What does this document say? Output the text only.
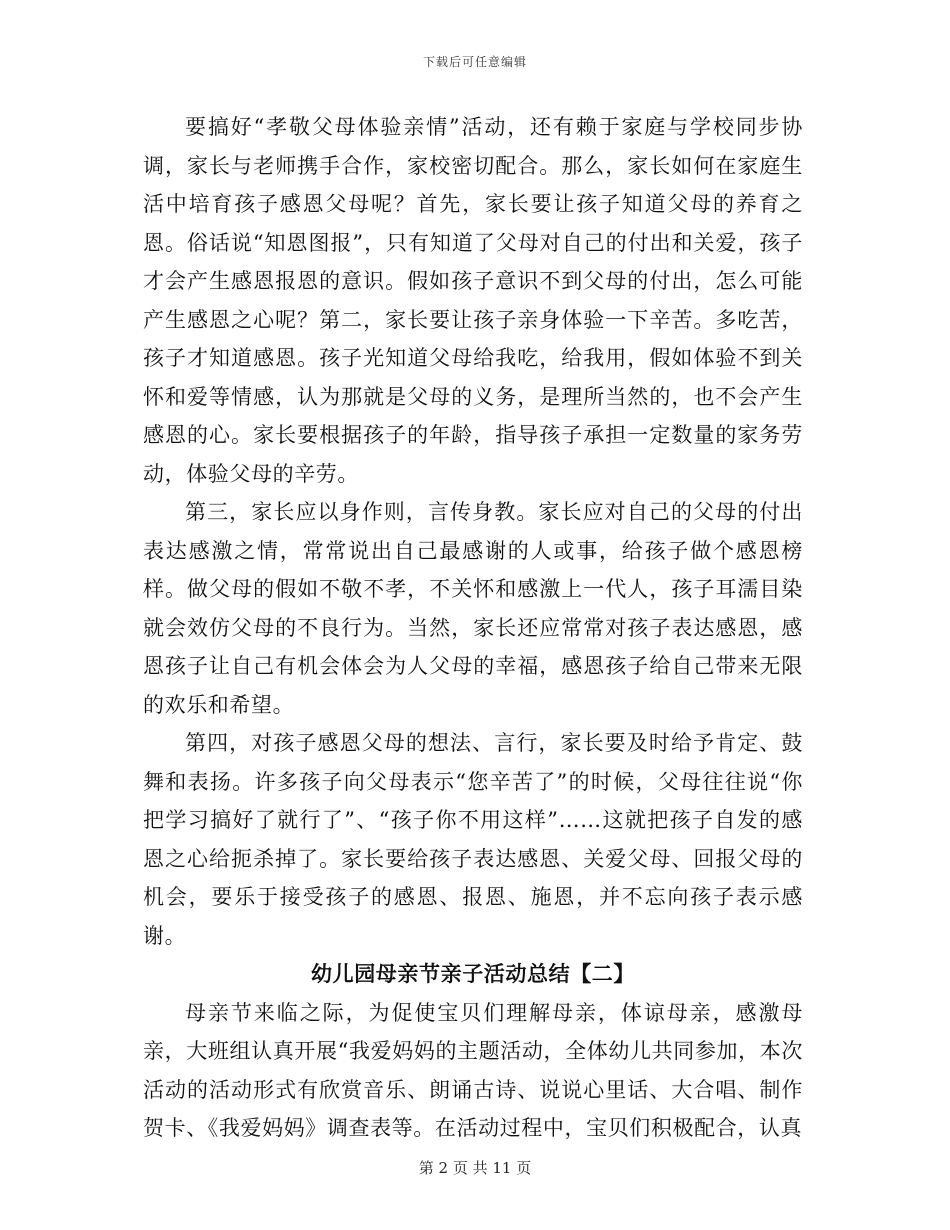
下载后可任意编辑

要搞好“孝敬父母体验亲情”活动，还有赖于家庭与学校同步协调，家长与老师携手合作，家校密切配合。那么，家长如何在家庭生活中培育孩子感恩父母呢？首先，家长要让孩子知道父母的养育之恩。俗话说“知恩图报”，只有知道了父母对自己的付出和关爱，孩子才会产生感恩报恩的意识。假如孩子意识不到父母的付出，怎么可能产生感恩之心呢？第二，家长要让孩子亲身体验一下辛苦。多吃苦，孩子才知道感恩。孩子光知道父母给我吃，给我用，假如体验不到关怀和爱等情感，认为那就是父母的义务，是理所当然的，也不会产生感恩的心。家长要根据孩子的年龄，指导孩子承担一定数量的家务劳动，体验父母的辛劳。

第三，家长应以身作则，言传身教。家长应对自己的父母的付出表达感激之情，常常说出自己最感谢的人或事，给孩子做个感恩榜样。做父母的假如不敬不孝，不关怀和感激上一代人，孩子耳濡目染就会效仿父母的不良行为。当然，家长还应常常对孩子表达感恩，感恩孩子让自己有机会体会为人父母的幸福，感恩孩子给自己带来无限的欢乐和希望。

第四，对孩子感恩父母的想法、言行，家长要及时给予肯定、鼓舞和表扬。许多孩子向父母表示“您辛苦了”的时候，父母往往说“你把学习搞好了就行了”、“孩子你不用这样”……这就把孩子自发的感恩之心给扼杀掉了。家长要给孩子表达感恩、关爱父母、回报父母的机会，要乐于接受孩子的感恩、报恩、施恩，并不忘向孩子表示感谢。

幼儿园母亲节亲子活动总结【二】

母亲节来临之际，为促使宝贝们理解母亲，体谅母亲，感激母亲，大班组认真开展“我爱妈妈的主题活动，全体幼儿共同参加，本次活动的活动形式有欣赏音乐、朗诵古诗、说说心里话、大合唱、制作贺卡、《我爱妈妈》调查表等。在活动过程中，宝贝们积极配合，认真

第 2 页 共 11 页
